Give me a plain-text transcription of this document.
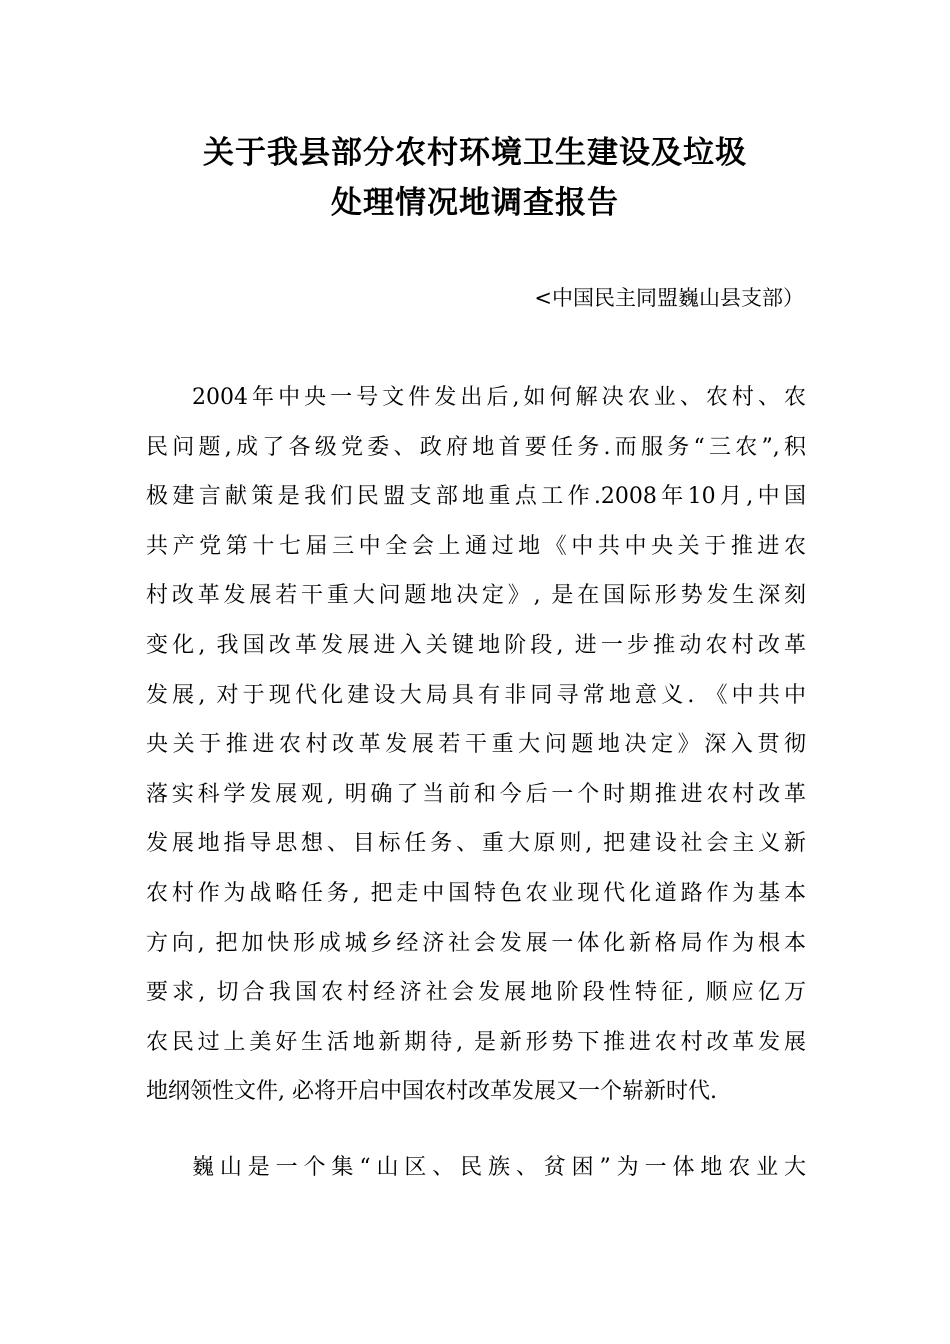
关于我县部分农村环境卫生建设及垃圾
处理情况地调查报告
<中国民主同盟巍山县支部）
2004年中央一号文件发出后,如何解决农业、农村、农
民问题,成了各级党委、政府地首要任务.而服务“三农”,积
极建言献策是我们民盟支部地重点工作.2008年10月,中国
共产党第十七届三中全会上通过地《中共中央关于推进农
村改革发展若干重大问题地决定》, 是在国际形势发生深刻
变化, 我国改革发展进入关键地阶段, 进一步推动农村改革
发展, 对于现代化建设大局具有非同寻常地意义. 《中共中
央关于推进农村改革发展若干重大问题地决定》深入贯彻
落实科学发展观, 明确了当前和今后一个时期推进农村改革
发展地指导思想、目标任务、重大原则, 把建设社会主义新
农村作为战略任务, 把走中国特色农业现代化道路作为基本
方向, 把加快形成城乡经济社会发展一体化新格局作为根本
要求, 切合我国农村经济社会发展地阶段性特征, 顺应亿万
农民过上美好生活地新期待, 是新形势下推进农村改革发展
地纲领性文件, 必将开启中国农村改革发展又一个崭新时代.
巍山是一个集“山区、民族、贫困”为一体地农业大
